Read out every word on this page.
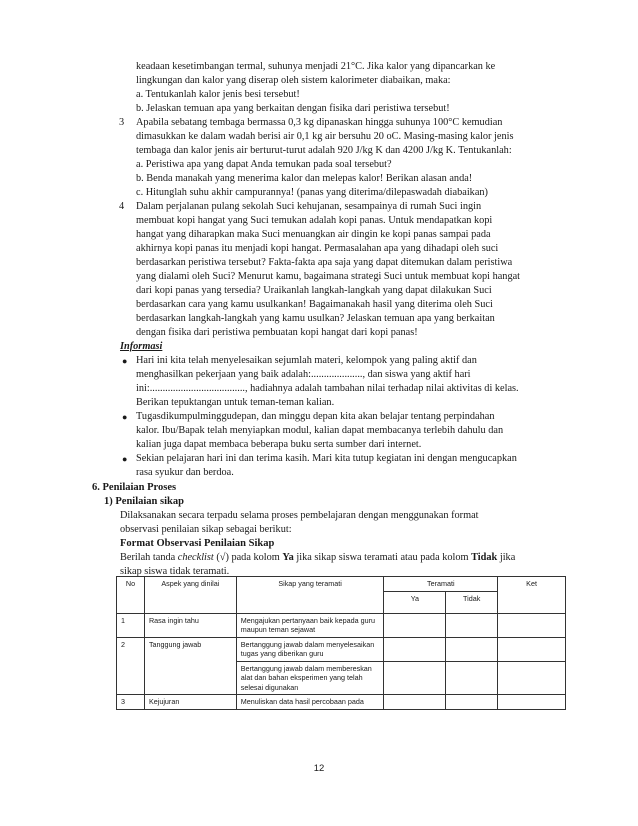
keadaan kesetimbangan termal, suhunya menjadi 21°C. Jika kalor yang dipancarkan ke

lingkungan dan kalor yang diserap oleh sistem kalorimeter diabaikan, maka:

a. Tentukanlah kalor jenis besi tersebut!

b. Jelaskan temuan apa yang berkaitan dengan fisika dari peristiwa tersebut!

3 Apabila sebatang tembaga bermassa 0,3 kg dipanaskan hingga suhunya 100°C kemudian

dimasukkan ke dalam wadah berisi air 0,1 kg air bersuhu 20 oC. Masing-masing kalor jenis

tembaga dan kalor jenis air berturut-turut adalah 920 J/kg K dan 4200 J/kg K. Tentukanlah:

a. Peristiwa apa yang dapat Anda temukan pada soal tersebut?

b. Benda manakah yang menerima kalor dan melepas kalor! Berikan alasan anda!

c. Hitunglah suhu akhir campurannya! (panas yang diterima/dilepaswadah diabaikan)

4 Dalam perjalanan pulang sekolah Suci kehujanan, sesampainya di rumah Suci ingin

membuat kopi hangat yang Suci temukan adalah kopi panas. Untuk mendapatkan kopi

hangat yang diharapkan maka Suci menuangkan air dingin ke kopi panas sampai pada

akhirnya kopi panas itu menjadi kopi hangat. Permasalahan apa yang dihadapi oleh suci

berdasarkan peristiwa tersebut? Fakta-fakta apa saja yang dapat ditemukan dalam peristiwa

yang dialami oleh Suci? Menurut kamu, bagaimana strategi Suci untuk membuat kopi hangat

dari kopi panas yang tersedia? Uraikanlah langkah-langkah yang dapat dilakukan Suci

berdasarkan cara yang kamu usulkankan! Bagaimanakah hasil yang diterima oleh Suci

berdasarkan langkah-langkah yang kamu usulkan? Jelaskan temuan apa yang berkaitan

dengan fisika dari peristiwa pembuatan kopi hangat dari kopi panas!

Informasi

● Hari ini kita telah menyelesaikan sejumlah materi, kelompok yang paling aktif dan

menghasilkan pekerjaan yang baik adalah:...................., dan siswa yang aktif hari

ini:....................................., hadiahnya adalah tambahan nilai terhadap nilai aktivitas di kelas.

Berikan tepuktangan untuk teman-teman kalian.

● Tugasdikumpulminggudepan, dan minggu depan kita akan belajar tentang perpindahan

kalor. Ibu/Bapak telah menyiapkan modul, kalian dapat membacanya terlebih dahulu dan

kalian juga dapat membaca beberapa buku serta sumber dari internet.

● Sekian pelajaran hari ini dan terima kasih. Mari kita tutup kegiatan ini dengan mengucapkan

rasa syukur dan berdoa.

6. Penilaian Proses

1) Penilaian sikap

Dilaksanakan secara terpadu selama proses pembelajaran dengan menggunakan format

observasi penilaian sikap sebagai berikut:

Format Observasi Penilaian Sikap

Berilah tanda checklist (√) pada kolom Ya jika sikap siswa teramati atau pada kolom Tidak jika

sikap siswa tidak teramati.

No	Aspek yang dinilai	Sikap yang teramati	Teramati		Ket
			Ya	Tidak	
1	Rasa ingin tahu	Mengajukan pertanyaan baik kepada guru maupun teman sejawat			
2	Tanggung jawab	Bertanggung jawab dalam menyelesaikan tugas yang diberikan guru			
		Bertanggung jawab dalam membereskan alat dan bahan eksperimen yang telah selesai digunakan			
3	Kejujuran	Menuliskan data hasil percobaan pada			
12
